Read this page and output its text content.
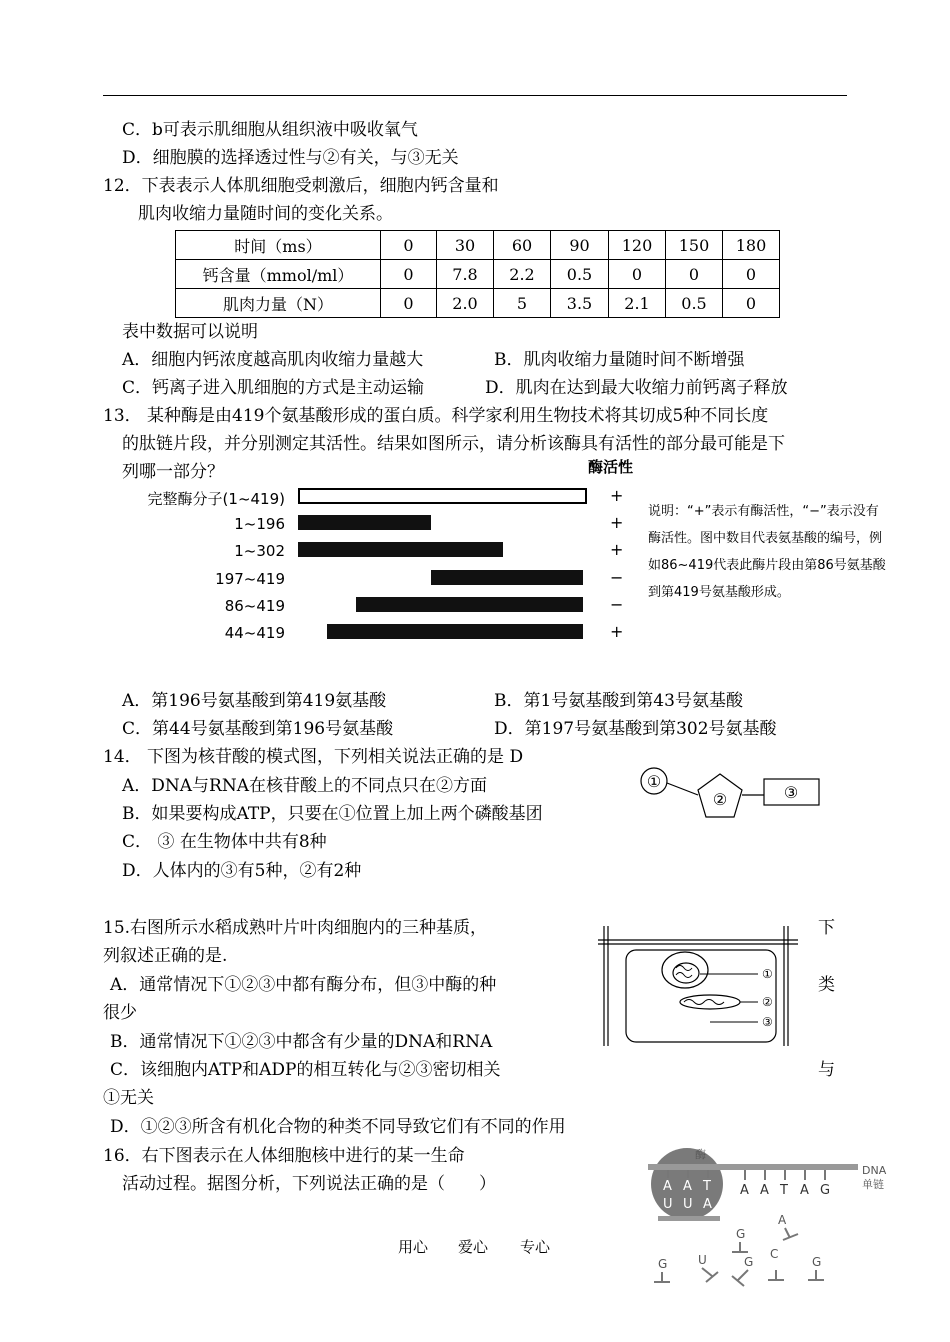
C．b可表示肌细胞从组织液中吸收氧气
D．细胞膜的选择透过性与②有关，与③无关
12．下表表示人体肌细胞受刺激后，细胞内钙含量和
肌肉收缩力量随时间的变化关系。
时间（ms）	0	30	60	90	120	150	180
钙含量（mmol/ml）	0	7.8	2.2	0.5	0	0	0
肌肉力量（N）	0	2.0	5	3.5	2.1	0.5	0
表中数据可以说明
A．细胞内钙浓度越高肌肉收缩力量越大	B．肌肉收缩力量随时间不断增强
C．钙离子进入肌细胞的方式是主动运输	D．肌肉在达到最大收缩力前钙离子释放
13． 某种酶是由419个氨基酸形成的蛋白质。科学家利用生物技术将其切成5种不同长度
的肽链片段，并分别测定其活性。结果如图所示，请分析该酶具有活性的部分最可能是下
列哪一部分？	酶活性
完整酶分子(1~419)	+
1~196	+
1~302	+
197~419	−
86~419	−
44~419	+
说明：“+”表示有酶活性，“−”表示没有酶活性。图中数目代表氨基酸的编号，例如86~419代表此酶片段由第86号氨基酸到第419号氨基酸形成。
A．第196号氨基酸到第419氨基酸	B．第1号氨基酸到第43号氨基酸
C．第44号氨基酸到第196号氨基酸	D．第197号氨基酸到第302号氨基酸
14． 下图为核苷酸的模式图，下列相关说法正确的是 D
A．DNA与RNA在核苷酸上的不同点只在②方面
B．如果要构成ATP，只要在①位置上加上两个磷酸基团
C． ③ 在生物体中共有8种
D．人体内的③有5种，②有2种
①
②	③
15.右图所示水稻成熟叶片叶肉细胞内的三种基质，	下
列叙述正确的是.
A．通常情况下①②③中都有酶分布，但③中酶的种	类
很少
B．通常情况下①②③中都含有少量的DNA和RNA
C．该细胞内ATP和ADP的相互转化与②③密切相关	与
①无关
D．①②③所含有机化合物的种类不同导致它们有不同的作用
①
②
③
16．右下图表示在人体细胞核中进行的某一生命
活动过程。据图分析，下列说法正确的是（　　）
酶
DNA
单链
A A T A G
A A T
U U A
G
A
G	U	G
C
G
用心 爱心 专心
